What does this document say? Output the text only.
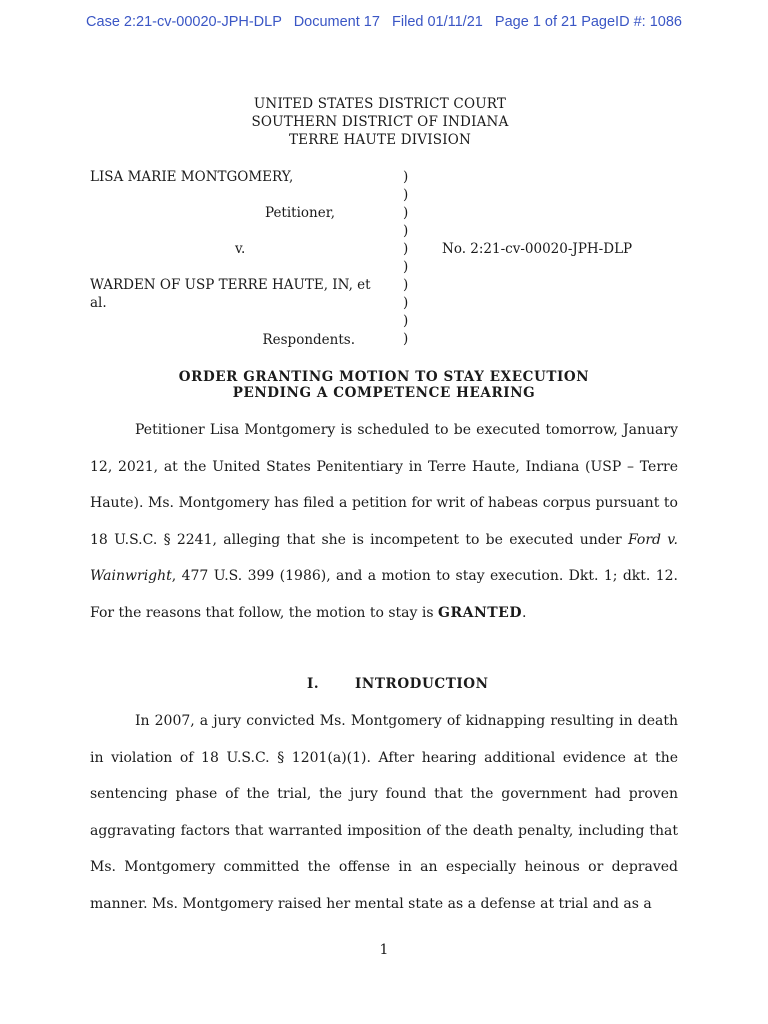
Case 2:21-cv-00020-JPH-DLP   Document 17   Filed 01/11/21   Page 1 of 21 PageID #: 1086
UNITED STATES DISTRICT COURT
SOUTHERN DISTRICT OF INDIANA
TERRE HAUTE DIVISION
LISA MARIE MONTGOMERY,
Petitioner,
v.
WARDEN OF USP TERRE HAUTE, IN, et al.
Respondents.
)
)
)
)
)
)
)
)
)
)
No. 2:21-cv-00020-JPH-DLP
ORDER GRANTING MOTION TO STAY EXECUTION
PENDING A COMPETENCE HEARING
Petitioner Lisa Montgomery is scheduled to be executed tomorrow, January 12, 2021, at the United States Penitentiary in Terre Haute, Indiana (USP – Terre Haute). Ms. Montgomery has filed a petition for writ of habeas corpus pursuant to 18 U.S.C. § 2241, alleging that she is incompetent to be executed under Ford v. Wainwright, 477 U.S. 399 (1986), and a motion to stay execution. Dkt. 1; dkt. 12. For the reasons that follow, the motion to stay is GRANTED.
I.	INTRODUCTION
In 2007, a jury convicted Ms. Montgomery of kidnapping resulting in death in violation of 18 U.S.C. § 1201(a)(1). After hearing additional evidence at the sentencing phase of the trial, the jury found that the government had proven aggravating factors that warranted imposition of the death penalty, including that Ms. Montgomery committed the offense in an especially heinous or depraved manner. Ms. Montgomery raised her mental state as a defense at trial and as a
1
